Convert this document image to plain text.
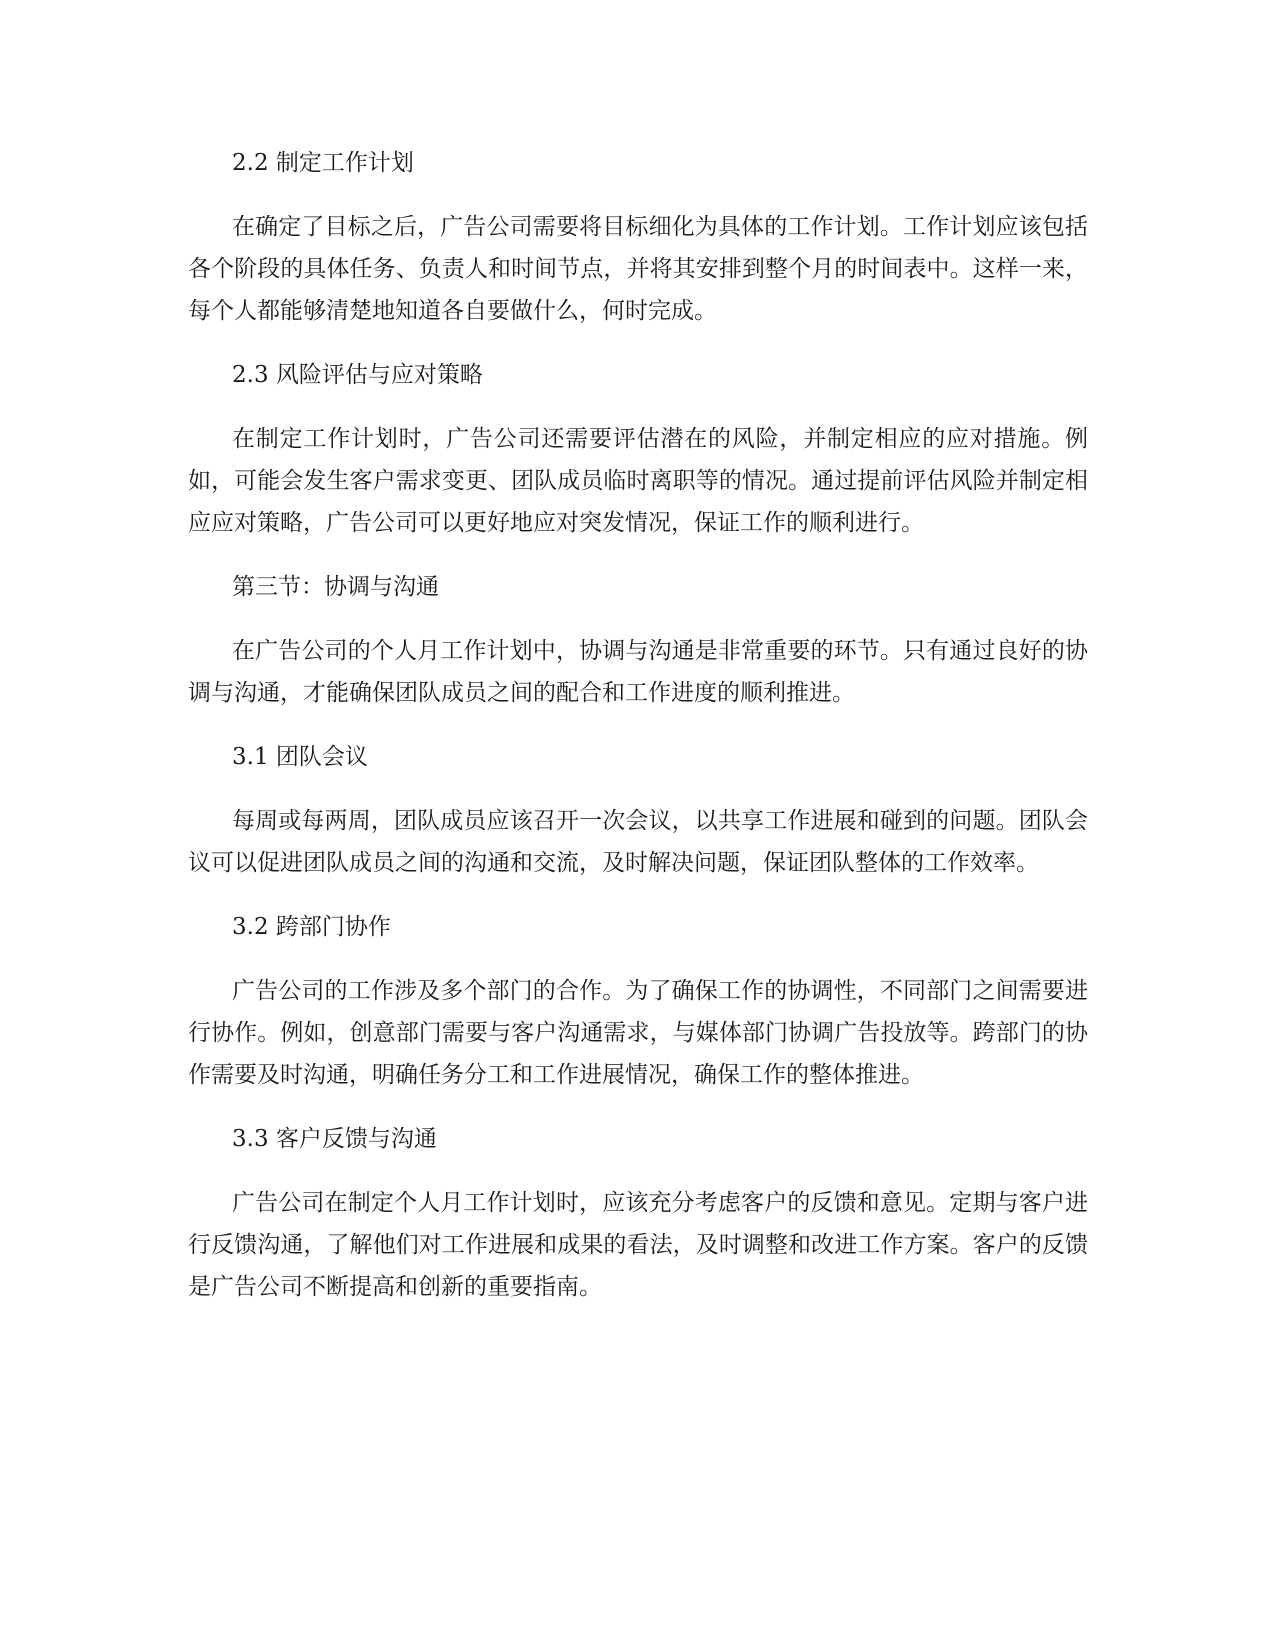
2.2 制定工作计划

在确定了目标之后，广告公司需要将目标细化为具体的工作计划。工作计划应该包括各个阶段的具体任务、负责人和时间节点，并将其安排到整个月的时间表中。这样一来，每个人都能够清楚地知道各自要做什么，何时完成。

2.3 风险评估与应对策略

在制定工作计划时，广告公司还需要评估潜在的风险，并制定相应的应对措施。例如，可能会发生客户需求变更、团队成员临时离职等的情况。通过提前评估风险并制定相应应对策略，广告公司可以更好地应对突发情况，保证工作的顺利进行。

第三节：协调与沟通

在广告公司的个人月工作计划中，协调与沟通是非常重要的环节。只有通过良好的协调与沟通，才能确保团队成员之间的配合和工作进度的顺利推进。

3.1 团队会议

每周或每两周，团队成员应该召开一次会议，以共享工作进展和碰到的问题。团队会议可以促进团队成员之间的沟通和交流，及时解决问题，保证团队整体的工作效率。

3.2 跨部门协作

广告公司的工作涉及多个部门的合作。为了确保工作的协调性，不同部门之间需要进行协作。例如，创意部门需要与客户沟通需求，与媒体部门协调广告投放等。跨部门的协作需要及时沟通，明确任务分工和工作进展情况，确保工作的整体推进。

3.3 客户反馈与沟通

广告公司在制定个人月工作计划时，应该充分考虑客户的反馈和意见。定期与客户进行反馈沟通，了解他们对工作进展和成果的看法，及时调整和改进工作方案。客户的反馈是广告公司不断提高和创新的重要指南。
